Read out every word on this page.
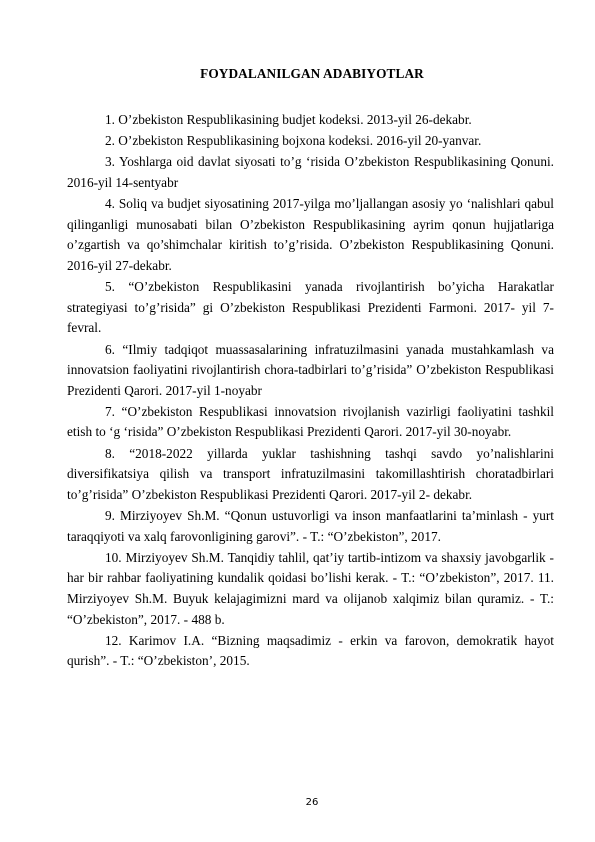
FOYDALANILGAN ADABIYOTLAR
1. O’zbekiston Respublikasining budjet kodeksi. 2013-yil 26-dekabr.
2. O’zbekiston Respublikasining bojxona kodeksi. 2016-yil 20-yanvar.
3. Yoshlarga oid davlat siyosati to’g ‘risida O’zbekiston Respublikasining Qonuni. 2016-yil 14-sentyabr
4. Soliq va budjet siyosatining 2017-yilga mo’ljallangan asosiy yo ‘nalishlari qabul qilinganligi munosabati bilan O’zbekiston Respublikasining ayrim qonun hujjatlariga o’zgartish va qo’shimchalar kiritish to’g’risida. O’zbekiston Respublikasining Qonuni. 2016-yil 27-dekabr.
5. “O’zbekiston Respublikasini yanada rivojlantirish bo’yicha Harakatlar strategiyasi to’g’risida” gi O’zbekiston Respublikasi Prezidenti Farmoni. 2017- yil 7-fevral.
6. “Ilmiy tadqiqot muassasalarining infratuzilmasini yanada mustahkamlash va innovatsion faoliyatini rivojlantirish chora-tadbirlari to’g’risida” O’zbekiston Respublikasi Prezidenti Qarori. 2017-yil 1-noyabr
7. “O’zbekiston Respublikasi innovatsion rivojlanish vazirligi faoliyatini tashkil etish to ‘g ‘risida” O’zbekiston Respublikasi Prezidenti Qarori. 2017-yil 30-noyabr.
8. “2018-2022 yillarda yuklar tashishning tashqi savdo yo’nalishlarini diversifikatsiya qilish va transport infratuzilmasini takomillashtirish choratadbirlari to’g’risida” O’zbekiston Respublikasi Prezidenti Qarori. 2017-yil 2- dekabr.
9. Mirziyoyev Sh.M. “Qonun ustuvorligi va inson manfaatlarini ta’minlash - yurt taraqqiyoti va xalq farovonligining garovi”. - T.: “O’zbekiston”, 2017.
10. Mirziyoyev Sh.M. Tanqidiy tahlil, qat’iy tartib-intizom va shaxsiy javobgarlik - har bir rahbar faoliyatining kundalik qoidasi bo’lishi kerak. - T.: “O’zbekiston”, 2017. 11. Mirziyoyev Sh.M. Buyuk kelajagimizni mard va olijanob xalqimiz bilan quramiz. - T.: “O’zbekiston”, 2017. - 488 b.
12. Karimov I.A. “Bizning maqsadimiz - erkin va farovon, demokratik hayot qurish”. - T.: “O’zbekiston’, 2015.
26
